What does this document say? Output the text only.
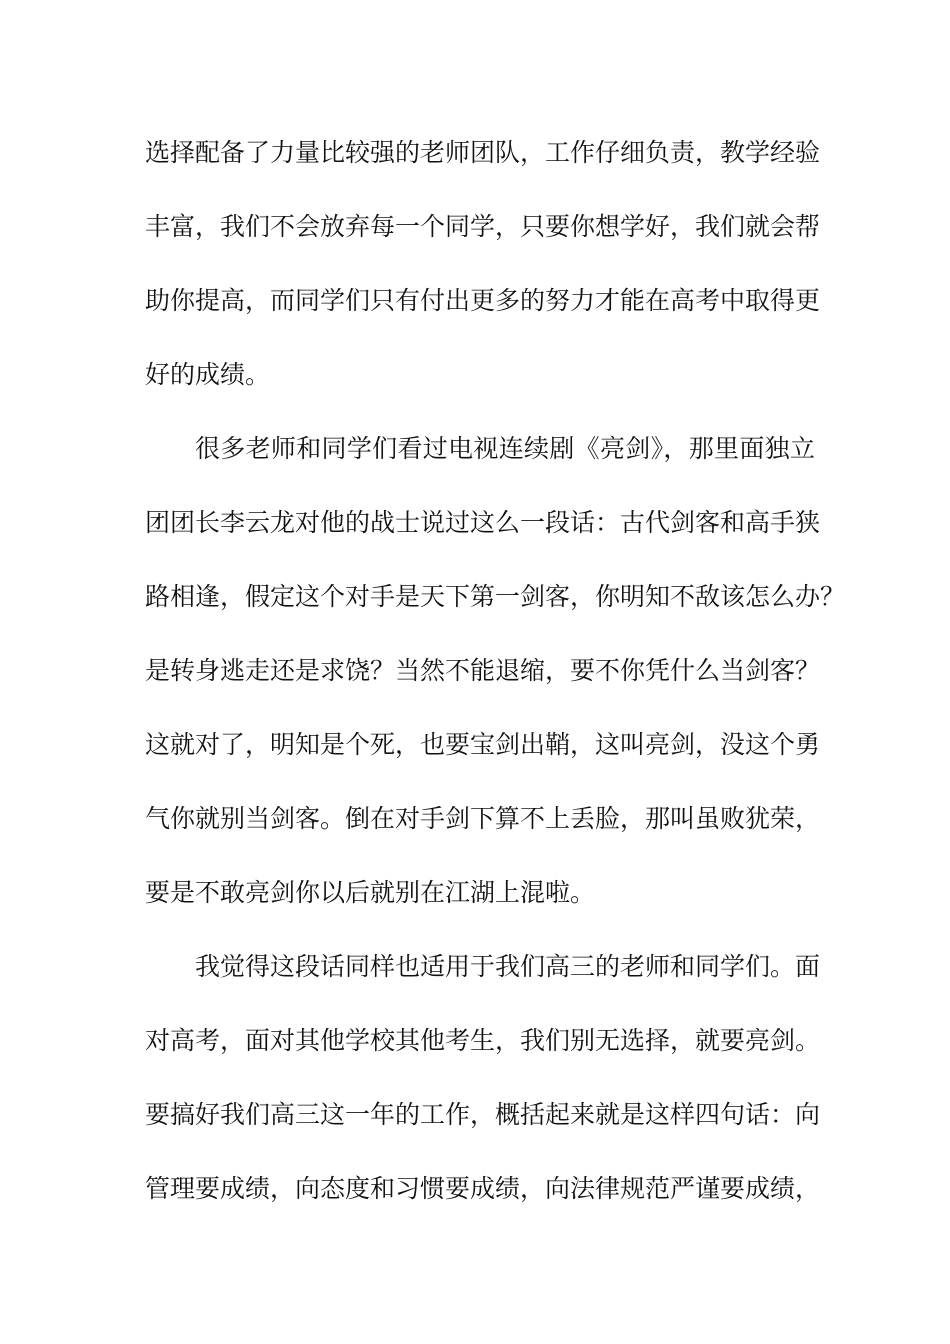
选择配备了力量比较强的老师团队，工作仔细负责，教学经验
丰富，我们不会放弃每一个同学，只要你想学好，我们就会帮
助你提高，而同学们只有付出更多的努力才能在高考中取得更
好的成绩。
很多老师和同学们看过电视连续剧《亮剑》，那里面独立
团团长李云龙对他的战士说过这么一段话：古代剑客和高手狭
路相逢，假定这个对手是天下第一剑客，你明知不敌该怎么办？
是转身逃走还是求饶？当然不能退缩，要不你凭什么当剑客？
这就对了，明知是个死，也要宝剑出鞘，这叫亮剑，没这个勇
气你就别当剑客。倒在对手剑下算不上丢脸，那叫虽败犹荣，
要是不敢亮剑你以后就别在江湖上混啦。
我觉得这段话同样也适用于我们高三的老师和同学们。面
对高考，面对其他学校其他考生，我们别无选择，就要亮剑。
要搞好我们高三这一年的工作，概括起来就是这样四句话：向
管理要成绩，向态度和习惯要成绩，向法律规范严谨要成绩，
